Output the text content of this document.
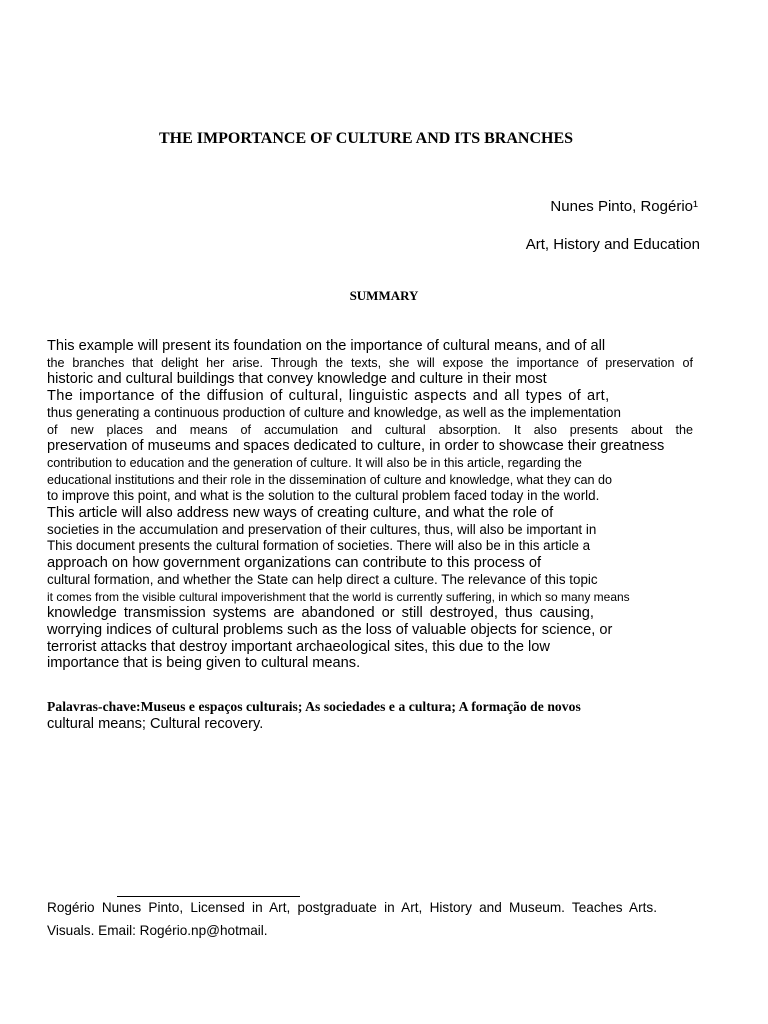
THE IMPORTANCE OF CULTURE AND ITS BRANCHES

Nunes Pinto, Rogério¹

Art, History and Education

SUMMARY
This example will present its foundation on the importance of cultural means, and of all
the branches that delight her arise. Through the texts, she will expose the importance of preservation of
historic and cultural buildings that convey knowledge and culture in their most
The importance of the diffusion of cultural, linguistic aspects and all types of art,
thus generating a continuous production of culture and knowledge, as well as the implementation
of new places and means of accumulation and cultural absorption. It also presents about the
preservation of museums and spaces dedicated to culture, in order to showcase their greatness
contribution to education and the generation of culture. It will also be in this article, regarding the
educational institutions and their role in the dissemination of culture and knowledge, what they can do
to improve this point, and what is the solution to the cultural problem faced today in the world.
This article will also address new ways of creating culture, and what the role of
societies in the accumulation and preservation of their cultures, thus, will also be important in
This document presents the cultural formation of societies. There will also be in this article a
approach on how government organizations can contribute to this process of
cultural formation, and whether the State can help direct a culture. The relevance of this topic
it comes from the visible cultural impoverishment that the world is currently suffering, in which so many means
knowledge transmission systems are abandoned or still destroyed, thus causing,
worrying indices of cultural problems such as the loss of valuable objects for science, or
terrorist attacks that destroy important archaeological sites, this due to the low
importance that is being given to cultural means.
Palavras-chave:Museus e espaços culturais; As sociedades e a cultura; A formação de novos
cultural means; Cultural recovery.
Rogério Nunes Pinto, Licensed in Art, postgraduate in Art, History and Museum. Teaches Arts.
Visuals. Email: Rogério.np@hotmail.
